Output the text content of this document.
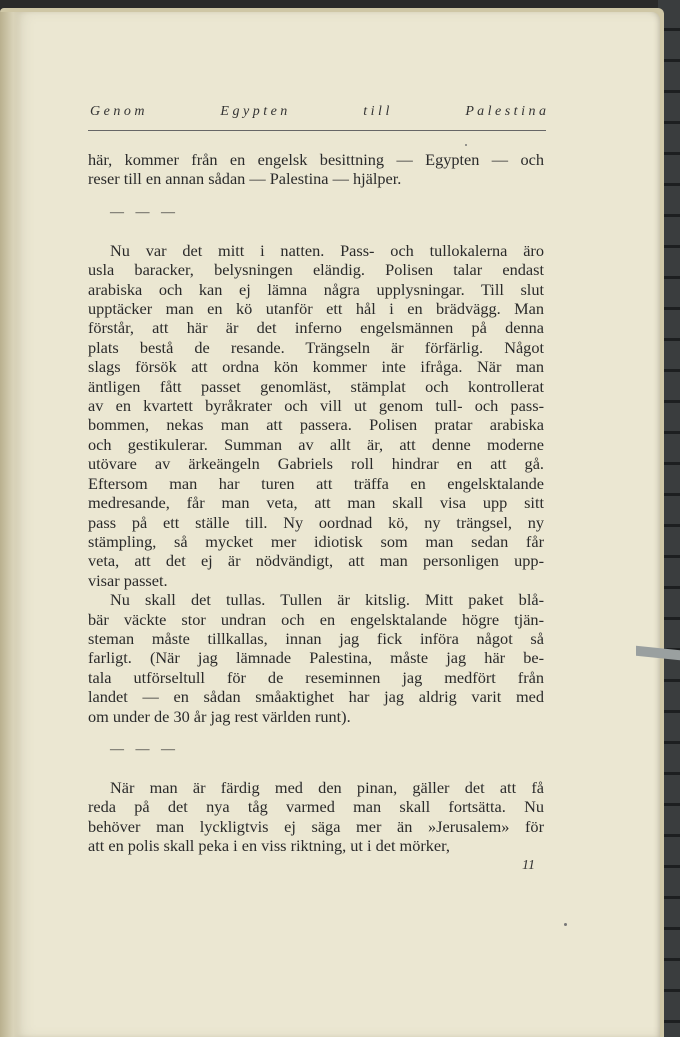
G e n o m	E g y p t e n	t i l l	P a l e s t i n a

här, kommer från en engelsk besittning — Egypten — och
reser till en annan sådan — Palestina — hjälper.

— — —

Nu var det mitt i natten. Pass- och tullokalerna äro
usla baracker, belysningen eländig. Polisen talar endast
arabiska och kan ej lämna några upplysningar. Till slut
upptäcker man en kö utanför ett hål i en brädvägg. Man
förstår, att här är det inferno engelsmännen på denna
plats bestå de resande. Trängseln är förfärlig. Något
slags försök att ordna kön kommer inte ifråga. När man
äntligen fått passet genomläst, stämplat och kontrollerat
av en kvartett byråkrater och vill ut genom tull- och pass-
bommen, nekas man att passera. Polisen pratar arabiska
och gestikulerar. Summan av allt är, att denne moderne
utövare av ärkeängeln Gabriels roll hindrar en att gå.
Eftersom man har turen att träffa en engelsktalande
medresande, får man veta, att man skall visa upp sitt
pass på ett ställe till. Ny oordnad kö, ny trängsel, ny
stämpling, så mycket mer idiotisk som man sedan får
veta, att det ej är nödvändigt, att man personligen upp-
visar passet.

Nu skall det tullas. Tullen är kitslig. Mitt paket blå-
bär väckte stor undran och en engelsktalande högre tjän-
steman måste tillkallas, innan jag fick införa något så
farligt. (När jag lämnade Palestina, måste jag här be-
tala utförseltull för de reseminnen jag medfört från
landet — en sådan småaktighet har jag aldrig varit med
om under de 30 år jag rest världen runt).

— — —

När man är färdig med den pinan, gäller det att få
reda på det nya tåg varmed man skall fortsätta. Nu
behöver man lyckligtvis ej säga mer än »Jerusalem» för
att en polis skall peka i en viss riktning, ut i det mörker,

11
